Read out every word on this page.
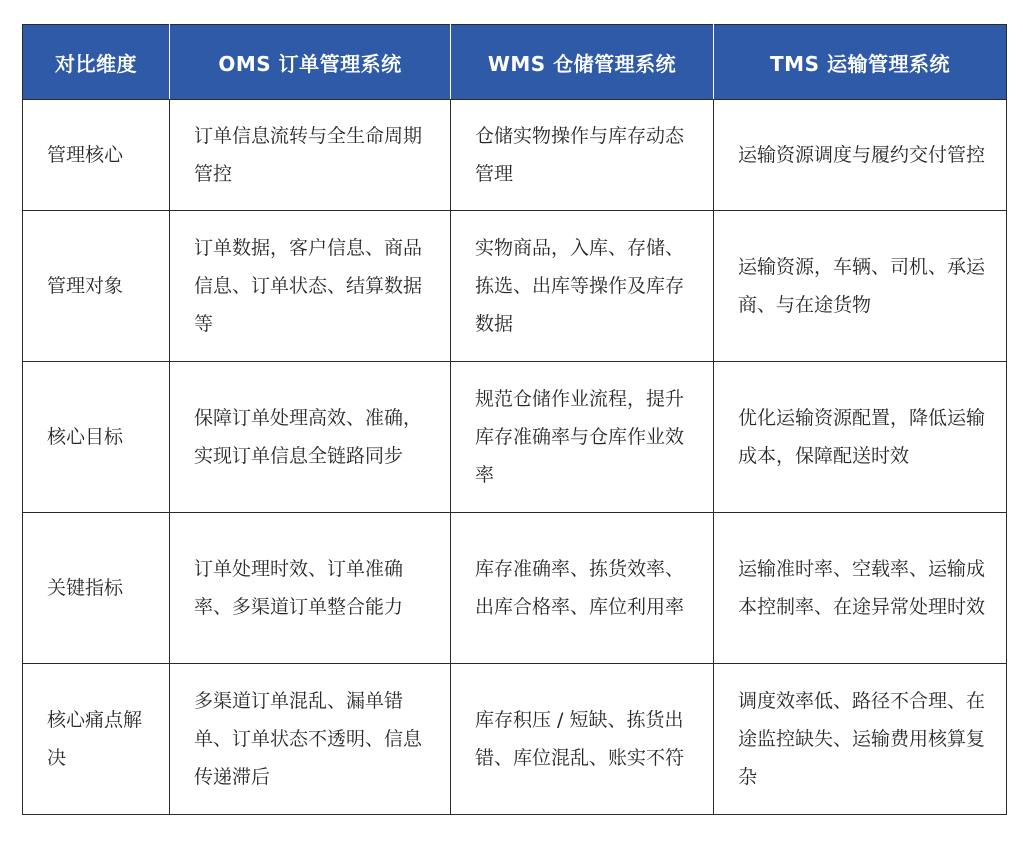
对比维度	OMS 订单管理系统	WMS 仓储管理系统	TMS 运输管理系统
管理核心	订单信息流转与全生命周期管控	仓储实物操作与库存动态管理	运输资源调度与履约交付管控
管理对象	订单数据，客户信息、商品信息、订单状态、结算数据等	实物商品，入库、存储、拣选、出库等操作及库存数据	运输资源，车辆、司机、承运商、与在途货物
核心目标	保障订单处理高效、准确，实现订单信息全链路同步	规范仓储作业流程，提升库存准确率与仓库作业效率	优化运输资源配置，降低运输成本，保障配送时效
关键指标	订单处理时效、订单准确率、多渠道订单整合能力	库存准确率、拣货效率、出库合格率、库位利用率	运输准时率、空载率、运输成本控制率、在途异常处理时效
核心痛点解决	多渠道订单混乱、漏单错单、订单状态不透明、信息传递滞后	库存积压 / 短缺、拣货出错、库位混乱、账实不符	调度效率低、路径不合理、在途监控缺失、运输费用核算复杂
